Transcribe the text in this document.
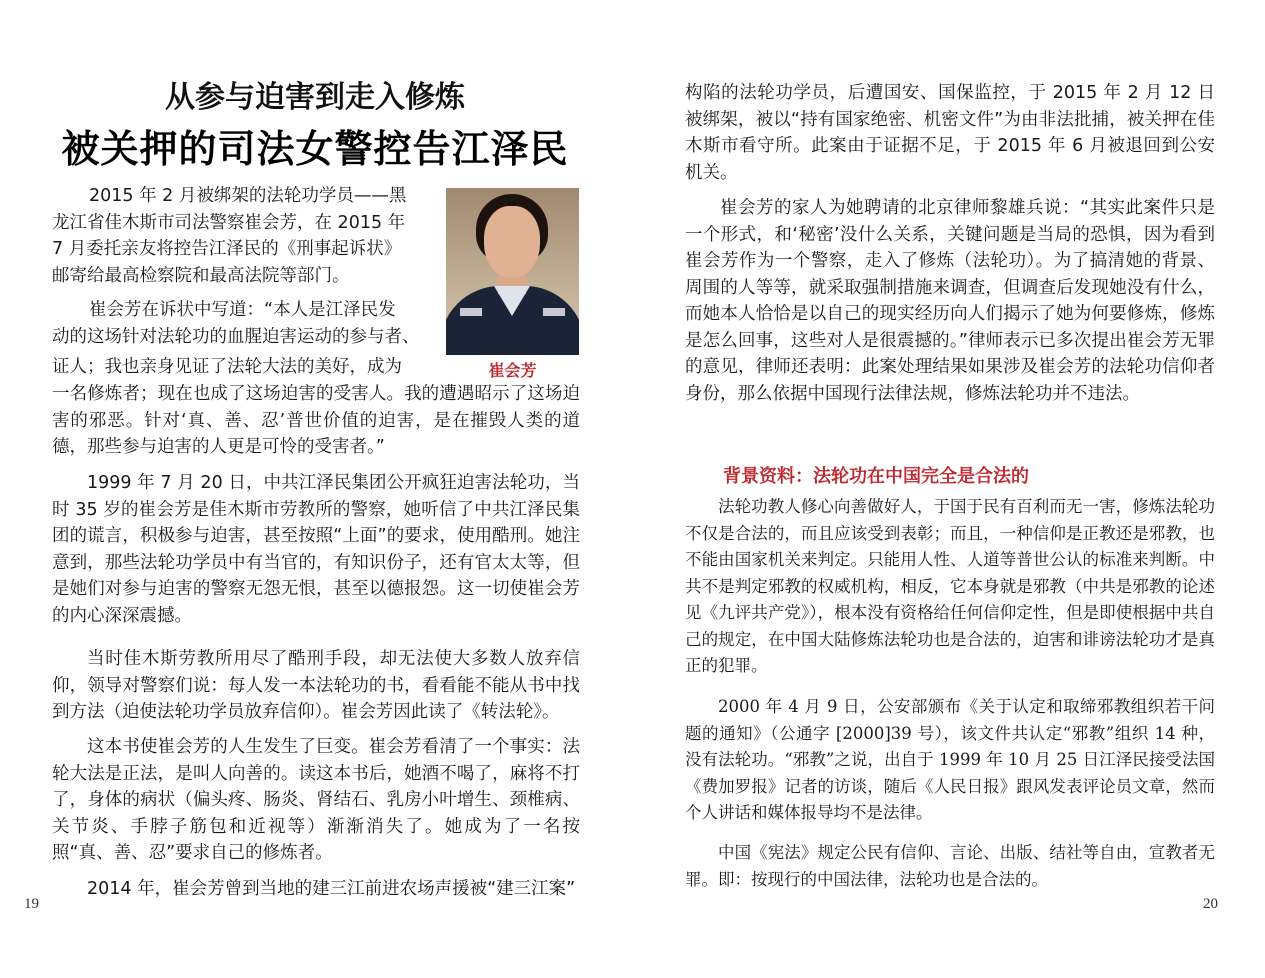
从参与迫害到走入修炼
被关押的司法女警控告江泽民
2015 年 2 月被绑架的法轮功学员——黑
龙江省佳木斯市司法警察崔会芳，在 2015 年
7 月委托亲友将控告江泽民的《刑事起诉状》
邮寄给最高检察院和最高法院等部门。
崔会芳
崔会芳在诉状中写道：“本人是江泽民发
动的这场针对法轮功的血腥迫害运动的参与者、
证人；我也亲身见证了法轮大法的美好，成为
一名修炼者；现在也成了这场迫害的受害人。我的遭遇昭示了这场迫害的邪恶。针对‘真、善、忍’普世价值的迫害，是在摧毁人类的道德，那些参与迫害的人更是可怜的受害者。”

1999 年 7 月 20 日，中共江泽民集团公开疯狂迫害法轮功，当时 35 岁的崔会芳是佳木斯市劳教所的警察，她听信了中共江泽民集团的谎言，积极参与迫害，甚至按照“上面”的要求，使用酷刑。她注意到，那些法轮功学员中有当官的，有知识份子，还有官太太等，但是她们对参与迫害的警察无怨无恨，甚至以德报怨。这一切使崔会芳的内心深深震撼。

当时佳木斯劳教所用尽了酷刑手段，却无法使大多数人放弃信仰，领导对警察们说：每人发一本法轮功的书，看看能不能从书中找到方法（迫使法轮功学员放弃信仰）。崔会芳因此读了《转法轮》。

这本书使崔会芳的人生发生了巨变。崔会芳看清了一个事实：法轮大法是正法，是叫人向善的。读这本书后，她酒不喝了，麻将不打了，身体的病状（偏头疼、肠炎、肾结石、乳房小叶增生、颈椎病、关节炎、手脖子筋包和近视等）渐渐消失了。她成为了一名按照“真、善、忍”要求自己的修炼者。

2014 年，崔会芳曾到当地的建三江前进农场声援被“建三江案”

19

构陷的法轮功学员，后遭国安、国保监控，于 2015 年 2 月 12 日被绑架，被以“持有国家绝密、机密文件”为由非法批捕，被关押在佳木斯市看守所。此案由于证据不足，于 2015 年 6 月被退回到公安机关。

崔会芳的家人为她聘请的北京律师黎雄兵说：“其实此案件只是一个形式，和‘秘密’没什么关系，关键问题是当局的恐惧，因为看到崔会芳作为一个警察，走入了修炼（法轮功）。为了搞清她的背景、周围的人等等，就采取强制措施来调查，但调查后发现她没有什么，而她本人恰恰是以自己的现实经历向人们揭示了她为何要修炼，修炼是怎么回事，这些对人是很震撼的。”律师表示已多次提出崔会芳无罪的意见，律师还表明：此案处理结果如果涉及崔会芳的法轮功信仰者身份，那么依据中国现行法律法规，修炼法轮功并不违法。

背景资料：法轮功在中国完全是合法的

法轮功教人修心向善做好人，于国于民有百利而无一害，修炼法轮功不仅是合法的，而且应该受到表彰；而且，一种信仰是正教还是邪教，也不能由国家机关来判定。只能用人性、人道等普世公认的标准来判断。中共不是判定邪教的权威机构，相反，它本身就是邪教（中共是邪教的论述见《九评共产党》），根本没有资格给任何信仰定性，但是即使根据中共自己的规定，在中国大陆修炼法轮功也是合法的，迫害和诽谤法轮功才是真正的犯罪。

2000 年 4 月 9 日，公安部颁布《关于认定和取缔邪教组织若干问题的通知》（公通字 [2000]39 号），该文件共认定“邪教”组织 14 种，没有法轮功。“邪教”之说，出自于 1999 年 10 月 25 日江泽民接受法国《费加罗报》记者的访谈，随后《人民日报》跟风发表评论员文章，然而个人讲话和媒体报导均不是法律。

中国《宪法》规定公民有信仰、言论、出版、结社等自由，宣教者无罪。即：按现行的中国法律，法轮功也是合法的。

20
